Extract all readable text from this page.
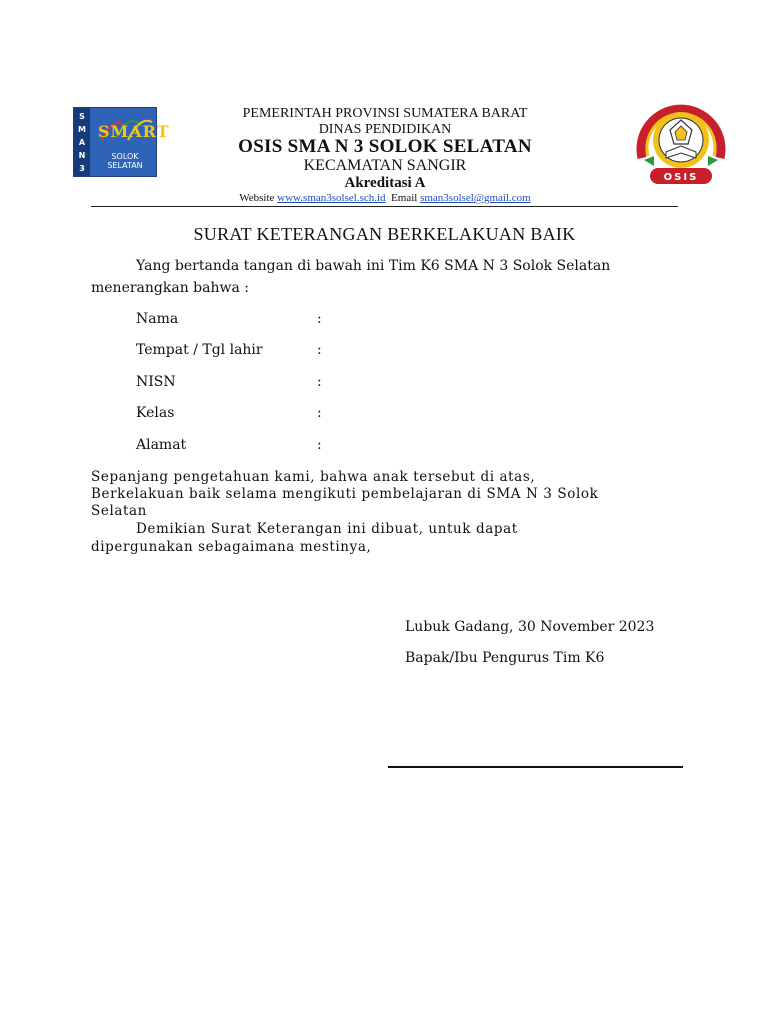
S
M
A
N
3
SMART
SOLOK SELATAN
OSIS
PEMERINTAH PROVINSI SUMATERA BARAT
DINAS PENDIDIKAN
OSIS SMA N 3 SOLOK SELATAN
KECAMATAN SANGIR
Akreditasi A
Website www.sman3solsel.sch.id Email sman3solsel@gmail.com
SURAT KETERANGAN BERKELAKUAN BAIK
Yang bertanda tangan di bawah ini Tim K6 SMA N 3 Solok Selatan
menerangkan bahwa :
Nama	:
Tempat / Tgl lahir	:
NISN	:
Kelas	:
Alamat	:
Sepanjang pengetahuan kami, bahwa anak tersebut di atas,
Berkelakuan baik selama mengikuti pembelajaran di SMA N 3 Solok
Selatan
Demikian Surat Keterangan ini dibuat, untuk dapat
dipergunakan sebagaimana mestinya,
Lubuk Gadang, 30 November 2023
Bapak/Ibu Pengurus Tim K6
